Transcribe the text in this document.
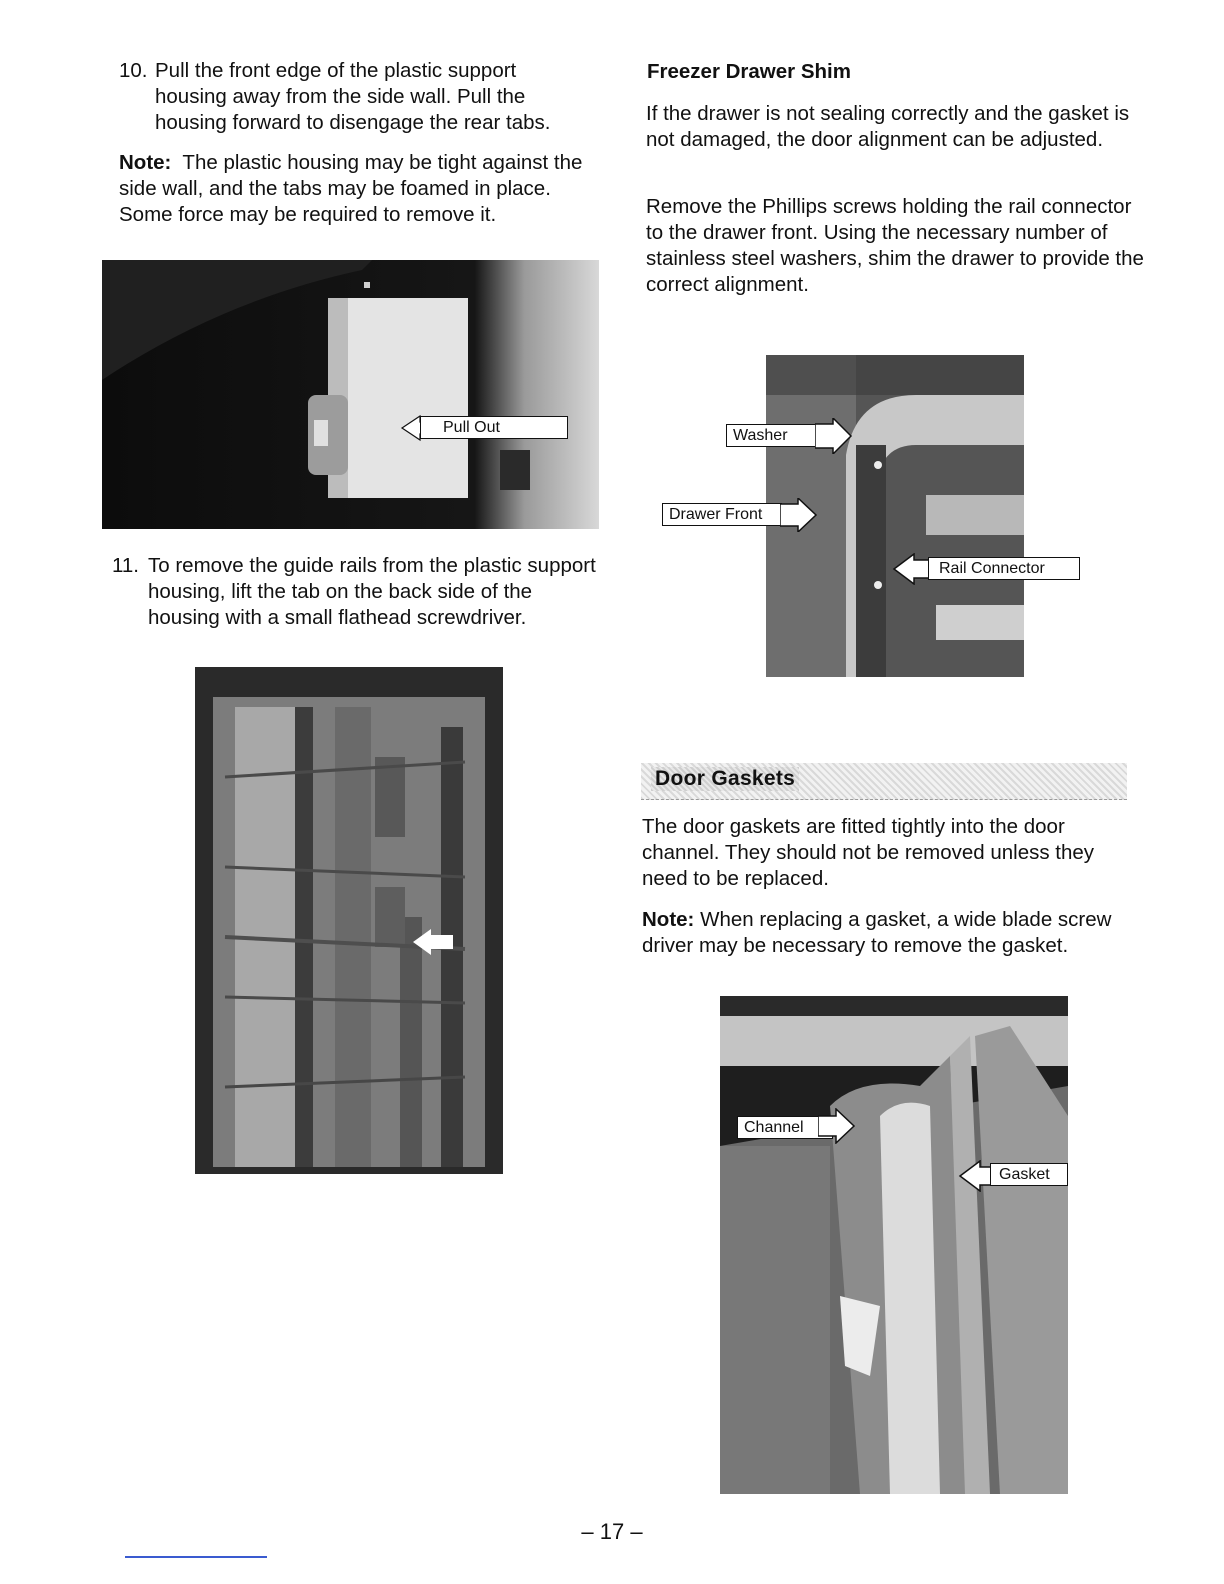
10. Pull the front edge of the plastic support housing away from the side wall. Pull the housing forward to disengage the rear tabs.
Note: The plastic housing may be tight against the side wall, and the tabs may be foamed in place. Some force may be required to remove it.
Pull Out
11. To remove the guide rails from the plastic support housing, lift the tab on the back side of the housing with a small flathead screwdriver.
Freezer Drawer Shim
If the drawer is not sealing correctly and the gasket is not damaged, the door alignment can be adjusted.
Remove the Phillips screws holding the rail connector to the drawer front. Using the necessary number of stainless steel washers, shim the drawer to provide the correct alignment.
Washer
Drawer Front
Rail Connector
Door Gaskets
The door gaskets are fitted tightly into the door channel. They should not be removed unless they need to be replaced.
Note: When replacing a gasket, a wide blade screw driver may be necessary to remove the gasket.
Channel
Gasket
– 17 –
